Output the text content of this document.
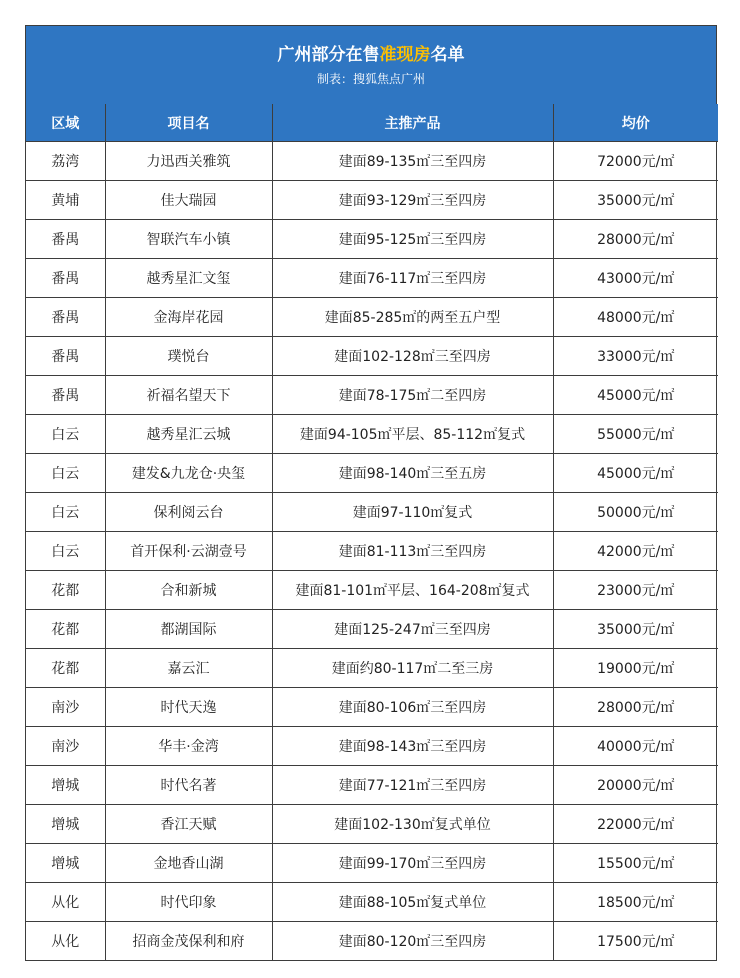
广州部分在售准现房名单
制表：搜狐焦点广州
区域	项目名	主推产品	均价
荔湾	力迅西关雅筑	建面89-135㎡三至四房	72000元/㎡
黄埔	佳大瑞园	建面93-129㎡三至四房	35000元/㎡
番禺	智联汽车小镇	建面95-125㎡三至四房	28000元/㎡
番禺	越秀星汇文玺	建面76-117㎡三至四房	43000元/㎡
番禺	金海岸花园	建面85-285㎡的两至五户型	48000元/㎡
番禺	璞悦台	建面102-128㎡三至四房	33000元/㎡
番禺	祈福名望天下	建面78-175㎡二至四房	45000元/㎡
白云	越秀星汇云城	建面94-105㎡平层、85-112㎡复式	55000元/㎡
白云	建发&九龙仓·央玺	建面98-140㎡三至五房	45000元/㎡
白云	保利阅云台	建面97-110㎡复式	50000元/㎡
白云	首开保利·云湖壹号	建面81-113㎡三至四房	42000元/㎡
花都	合和新城	建面81-101㎡平层、164-208㎡复式	23000元/㎡
花都	都湖国际	建面125-247㎡三至四房	35000元/㎡
花都	嘉云汇	建面约80-117㎡二至三房	19000元/㎡
南沙	时代天逸	建面80-106㎡三至四房	28000元/㎡
南沙	华丰·金湾	建面98-143㎡三至四房	40000元/㎡
增城	时代名著	建面77-121㎡三至四房	20000元/㎡
增城	香江天赋	建面102-130㎡复式单位	22000元/㎡
增城	金地香山湖	建面99-170㎡三至四房	15500元/㎡
从化	时代印象	建面88-105㎡复式单位	18500元/㎡
从化	招商金茂保利和府	建面80-120㎡三至四房	17500元/㎡
